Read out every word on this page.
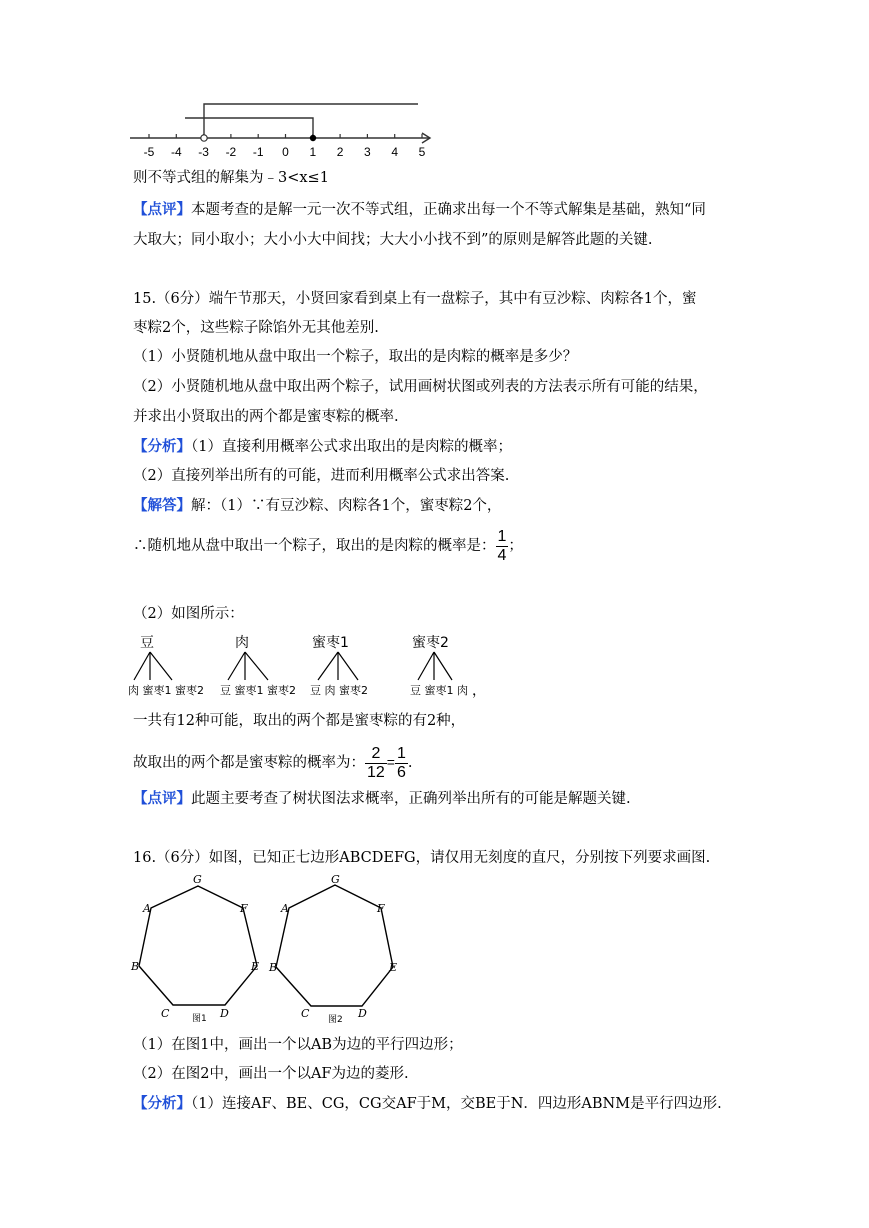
-5 -4 -3 -2 -1 0 1 2 3 4 5
则不等式组的解集为﹣3<x≤1
【点评】本题考查的是解一元一次不等式组，正确求出每一个不等式解集是基础，熟知“同
大取大；同小取小；大小小大中间找；大大小小找不到”的原则是解答此题的关键.
15.（6分）端午节那天，小贤回家看到桌上有一盘粽子，其中有豆沙粽、肉粽各1个，蜜
枣粽2个，这些粽子除馅外无其他差别.
（1）小贤随机地从盘中取出一个粽子，取出的是肉粽的概率是多少？
（2）小贤随机地从盘中取出两个粽子，试用画树状图或列表的方法表示所有可能的结果，
并求出小贤取出的两个都是蜜枣粽的概率.
【分析】（1）直接利用概率公式求出取出的是肉粽的概率；
（2）直接列举出所有的可能，进而利用概率公式求出答案.
【解答】解：（1）∵有豆沙粽、肉粽各1个，蜜枣粽2个，
∴随机地从盘中取出一个粽子，取出的是肉粽的概率是： $\frac{1}{4}$ ；
（2）如图所示：
豆	肉	蜜枣1	蜜枣2
肉 蜜枣1 蜜枣2 豆 蜜枣1 蜜枣2 豆 肉 蜜枣2	豆 蜜枣1 肉 ，
一共有12种可能，取出的两个都是蜜枣粽的有2种，
故取出的两个都是蜜枣粽的概率为： $\frac{2}{12} = \frac{1}{6}$ .
【点评】此题主要考查了树状图法求概率，正确列举出所有的可能是解题关键.
16.（6分）如图，已知正七边形ABCDEFG，请仅用无刻度的直尺，分别按下列要求画图.
G
A	F
B	E
C	D
G
A	F
B	E
C	D
图1	图2
（1）在图1中，画出一个以AB为边的平行四边形；
（2）在图2中，画出一个以AF为边的菱形.
【分析】（1）连接AF、BE、CG，CG交AF于M，交BE于N．四边形ABNM是平行四边形.
